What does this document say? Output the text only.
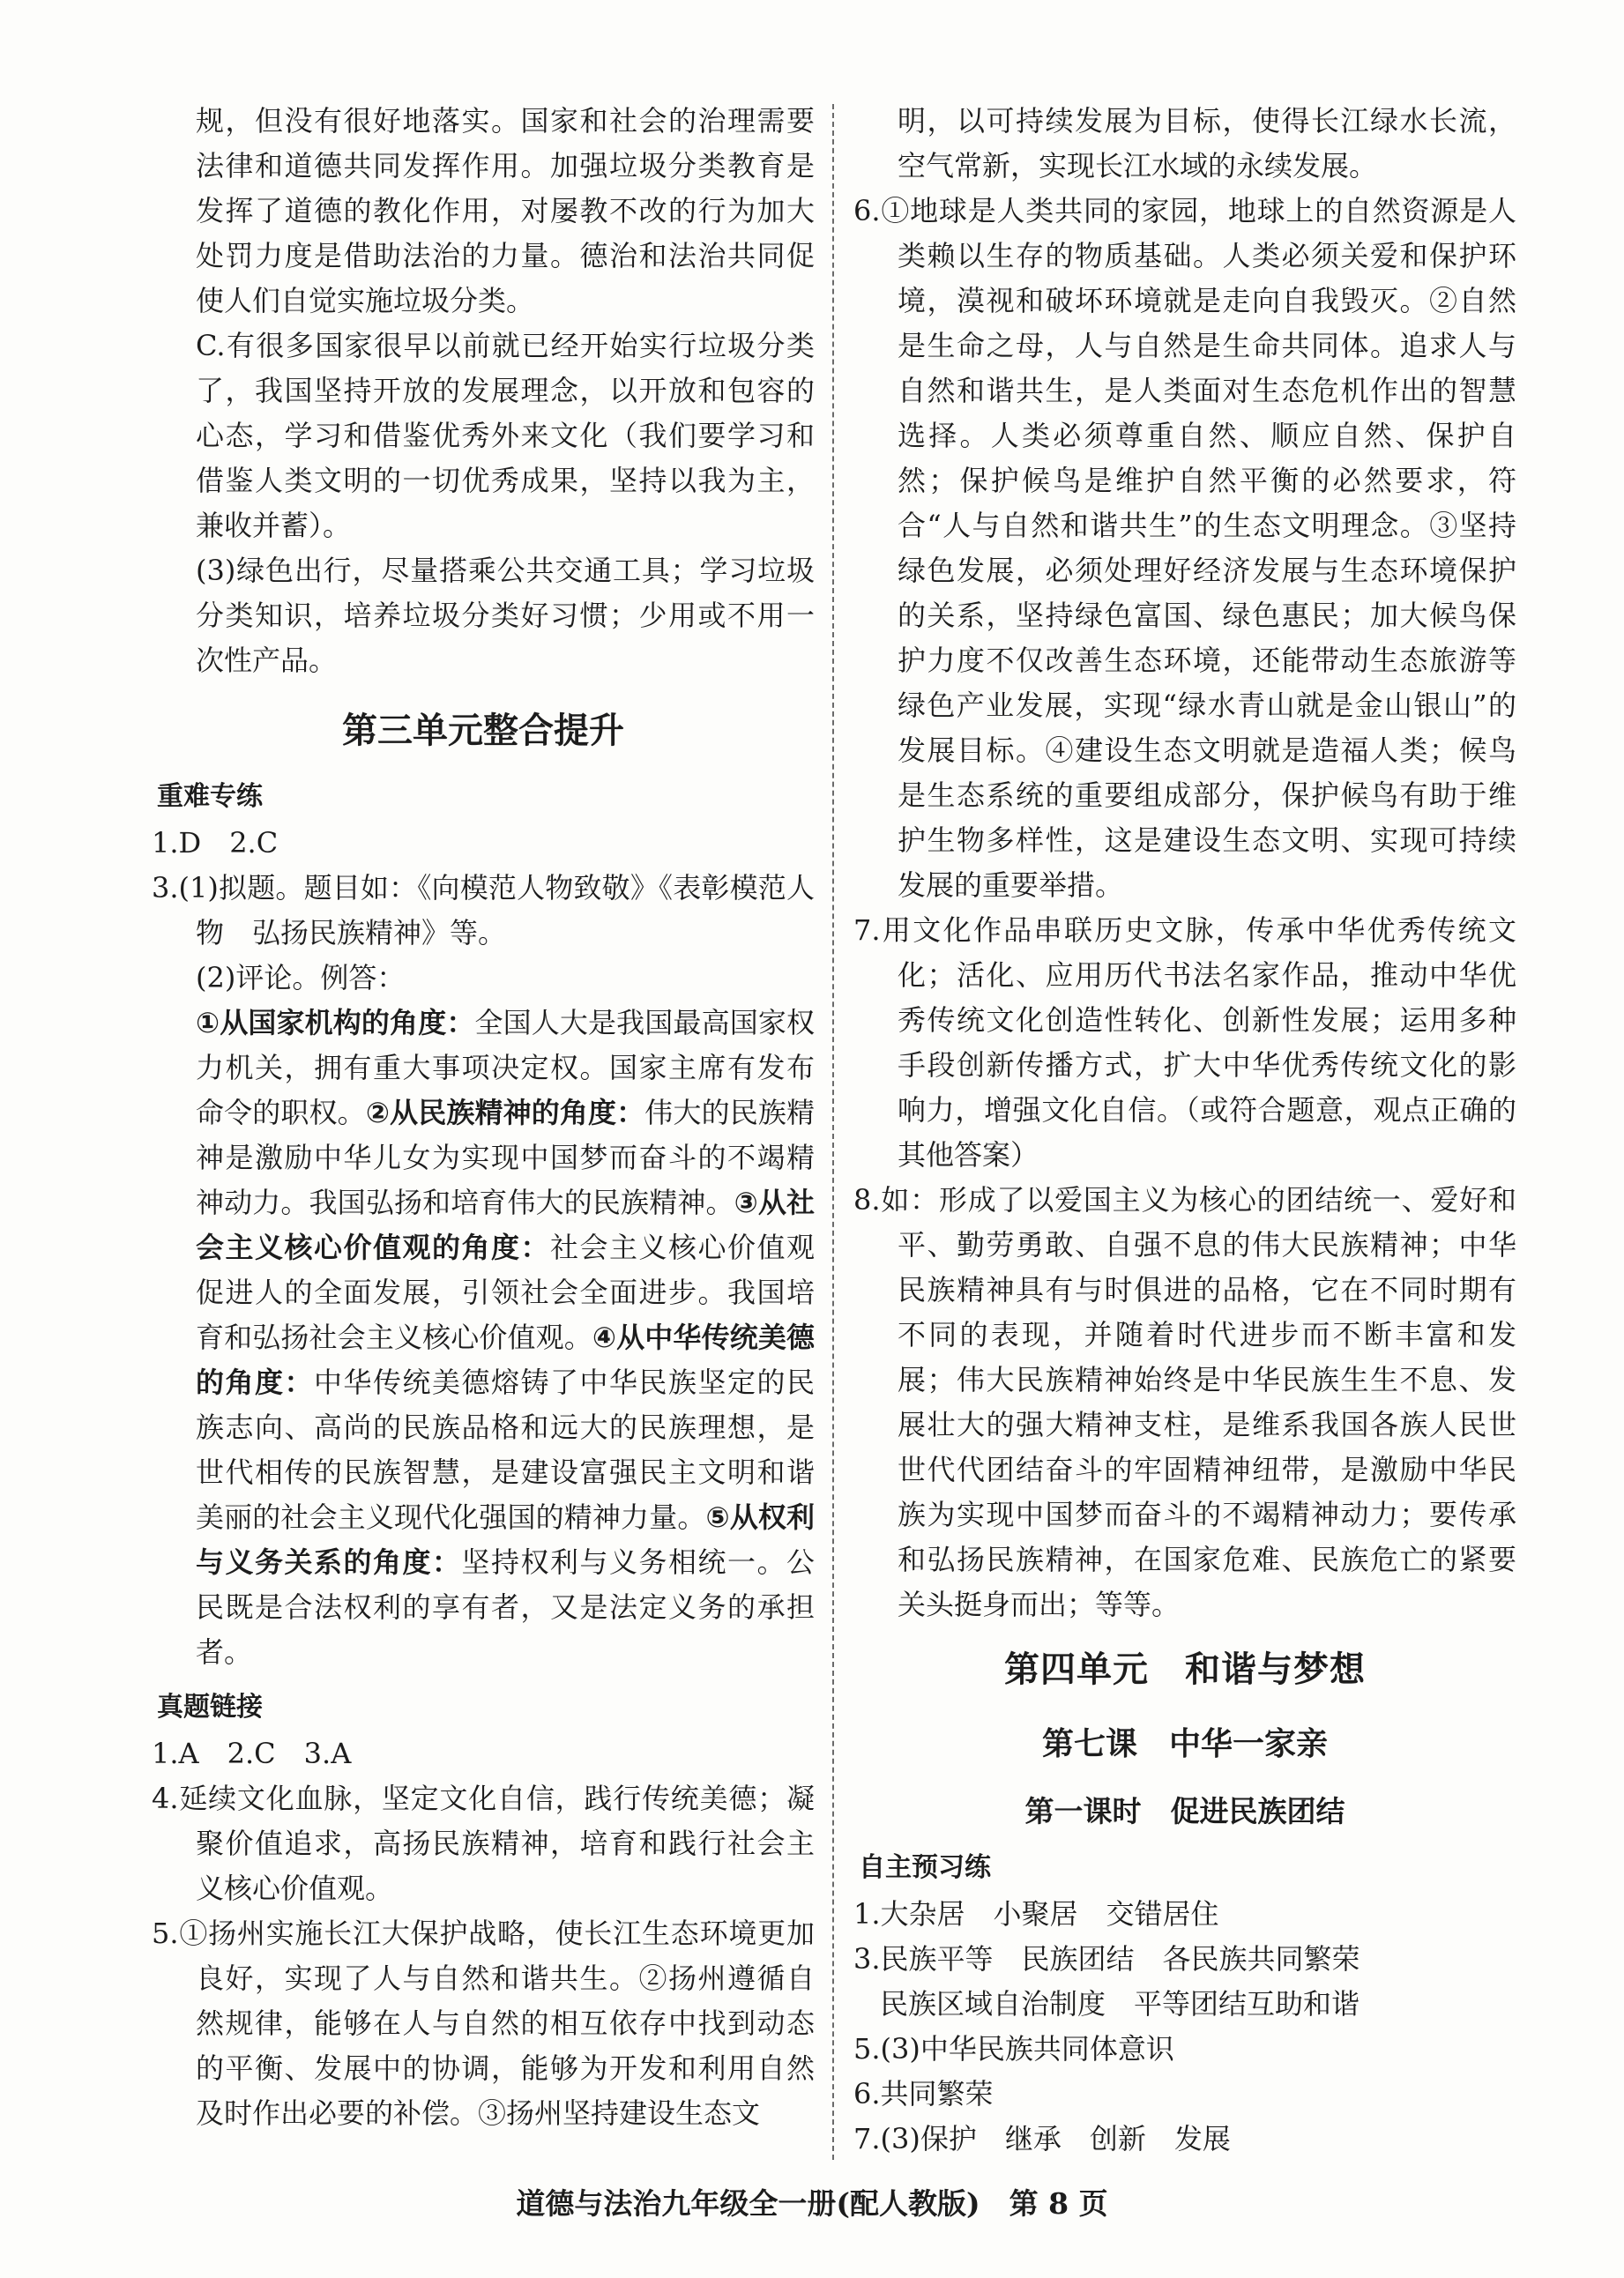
规，但没有很好地落实。国家和社会的治理需要法律和道德共同发挥作用。加强垃圾分类教育是发挥了道德的教化作用，对屡教不改的行为加大处罚力度是借助法治的力量。德治和法治共同促使人们自觉实施垃圾分类。

C.有很多国家很早以前就已经开始实行垃圾分类了，我国坚持开放的发展理念，以开放和包容的心态，学习和借鉴优秀外来文化（我们要学习和借鉴人类文明的一切优秀成果，坚持以我为主，兼收并蓄）。

(3)绿色出行，尽量搭乘公共交通工具；学习垃圾分类知识，培养垃圾分类好习惯；少用或不用一次性产品。

第三单元整合提升
重难专练

1.D　2.C

3.(1)拟题。题目如：《向模范人物致敬》《表彰模范人物　弘扬民族精神》等。

(2)评论。例答：

①从国家机构的角度：全国人大是我国最高国家权力机关，拥有重大事项决定权。国家主席有发布命令的职权。②从民族精神的角度：伟大的民族精神是激励中华儿女为实现中国梦而奋斗的不竭精神动力。我国弘扬和培育伟大的民族精神。③从社会主义核心价值观的角度：社会主义核心价值观促进人的全面发展，引领社会全面进步。我国培育和弘扬社会主义核心价值观。④从中华传统美德的角度：中华传统美德熔铸了中华民族坚定的民族志向、高尚的民族品格和远大的民族理想，是世代相传的民族智慧，是建设富强民主文明和谐美丽的社会主义现代化强国的精神力量。⑤从权利与义务关系的角度：坚持权利与义务相统一。公民既是合法权利的享有者，又是法定义务的承担者。

真题链接

1.A　2.C　3.A

4.延续文化血脉，坚定文化自信，践行传统美德；凝聚价值追求，高扬民族精神，培育和践行社会主义核心价值观。

5.①扬州实施长江大保护战略，使长江生态环境更加良好，实现了人与自然和谐共生。②扬州遵循自然规律，能够在人与自然的相互依存中找到动态的平衡、发展中的协调，能够为开发和利用自然及时作出必要的补偿。③扬州坚持建设生态文

明，以可持续发展为目标，使得长江绿水长流，空气常新，实现长江水域的永续发展。

6.①地球是人类共同的家园，地球上的自然资源是人类赖以生存的物质基础。人类必须关爱和保护环境，漠视和破坏环境就是走向自我毁灭。②自然是生命之母，人与自然是生命共同体。追求人与自然和谐共生，是人类面对生态危机作出的智慧选择。人类必须尊重自然、顺应自然、保护自然；保护候鸟是维护自然平衡的必然要求，符合“人与自然和谐共生”的生态文明理念。③坚持绿色发展，必须处理好经济发展与生态环境保护的关系，坚持绿色富国、绿色惠民；加大候鸟保护力度不仅改善生态环境，还能带动生态旅游等绿色产业发展，实现“绿水青山就是金山银山”的发展目标。④建设生态文明就是造福人类；候鸟是生态系统的重要组成部分，保护候鸟有助于维护生物多样性，这是建设生态文明、实现可持续发展的重要举措。

7.用文化作品串联历史文脉，传承中华优秀传统文化；活化、应用历代书法名家作品，推动中华优秀传统文化创造性转化、创新性发展；运用多种手段创新传播方式，扩大中华优秀传统文化的影响力，增强文化自信。（或符合题意，观点正确的其他答案）

8.如：形成了以爱国主义为核心的团结统一、爱好和平、勤劳勇敢、自强不息的伟大民族精神；中华民族精神具有与时俱进的品格，它在不同时期有不同的表现，并随着时代进步而不断丰富和发展；伟大民族精神始终是中华民族生生不息、发展壮大的强大精神支柱，是维系我国各族人民世世代代团结奋斗的牢固精神纽带，是激励中华民族为实现中国梦而奋斗的不竭精神动力；要传承和弘扬民族精神，在国家危难、民族危亡的紧要关头挺身而出；等等。

第四单元　和谐与梦想
第七课　中华一家亲
第一课时　促进民族团结
自主预习练

1.大杂居　小聚居　交错居住

3.民族平等　民族团结　各民族共同繁荣

民族区域自治制度　平等团结互助和谐

5.(3)中华民族共同体意识

6.共同繁荣

7.(3)保护　继承　创新　发展

道德与法治九年级全一册(配人教版)　 第 8 页
